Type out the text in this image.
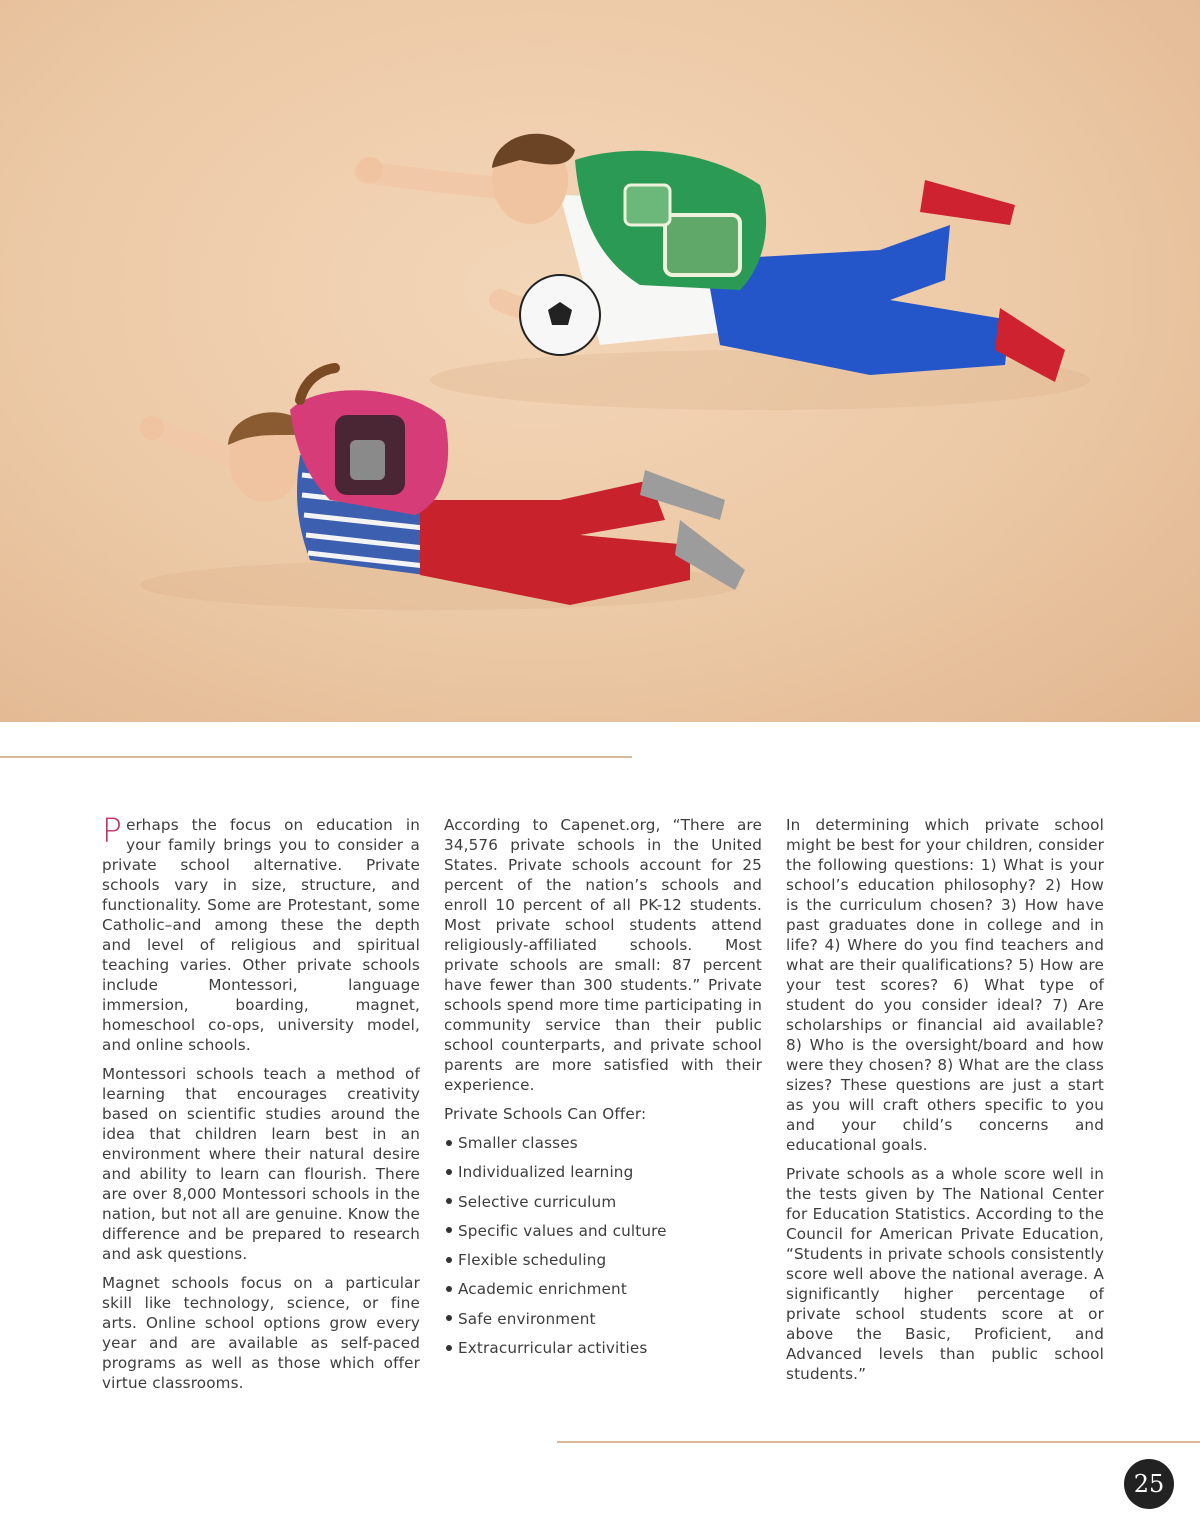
Perhaps the focus on education in your family brings you to consider a private school alternative. Private schools vary in size, structure, and functionality. Some are Protestant, some Catholic–and among these the depth and level of religious and spiritual teaching varies. Other private schools include Montessori, language immersion, boarding, magnet, homeschool co-ops, university model, and online schools.

Montessori schools teach a method of learning that encourages creativity based on scientific studies around the idea that children learn best in an environment where their natural desire and ability to learn can flourish. There are over 8,000 Montessori schools in the nation, but not all are genuine. Know the difference and be prepared to research and ask questions.

Magnet schools focus on a particular skill like technology, science, or fine arts. Online school options grow every year and are available as self-paced programs as well as those which offer virtue classrooms.

According to Capenet.org, “There are 34,576 private schools in the United States. Private schools account for 25 percent of the nation’s schools and enroll 10 percent of all PK-12 students. Most private school students attend religiously-affiliated schools. Most private schools are small: 87 percent have fewer than 300 students.” Private schools spend more time participating in community service than their public school counterparts, and private school parents are more satisfied with their experience.

Private Schools Can Offer:

Smaller classes
Individualized learning
Selective curriculum
Specific values and culture
Flexible scheduling
Academic enrichment
Safe environment
Extracurricular activities

In determining which private school might be best for your children, consider the following questions: 1) What is your school’s education philosophy? 2) How is the curriculum chosen? 3) How have past graduates done in college and in life? 4) Where do you find teachers and what are their qualifications? 5) How are your test scores? 6) What type of student do you consider ideal? 7) Are scholarships or financial aid available? 8) Who is the oversight/board and how were they chosen? 8) What are the class sizes? These questions are just a start as you will craft others specific to you and your child’s concerns and educational goals.

Private schools as a whole score well in the tests given by The National Center for Education Statistics. According to the Council for American Private Education, “Students in private schools consistently score well above the national average. A significantly higher percentage of private school students score at or above the Basic, Proficient, and Advanced levels than public school students.”

25
